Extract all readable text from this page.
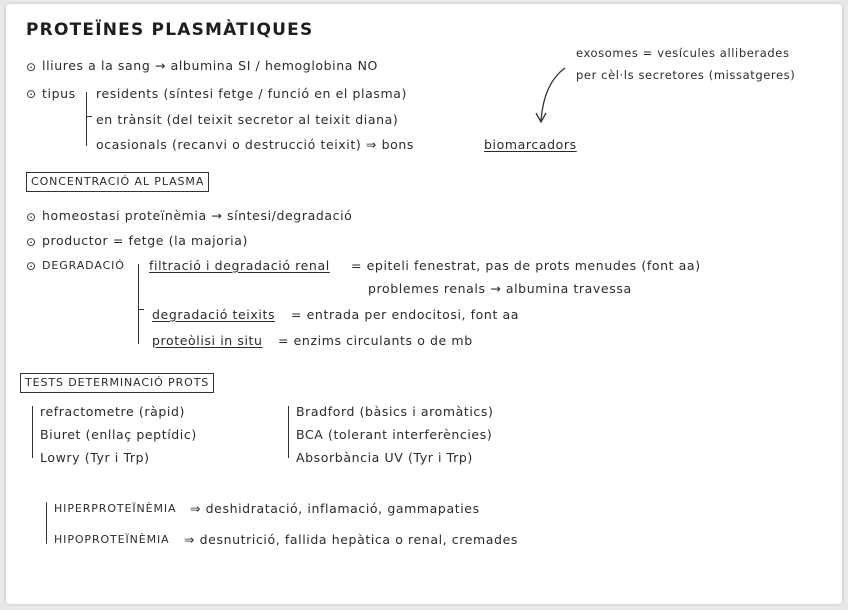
PROTEÏNES PLASMÀTIQUES
⊙ lliures a la sang → albumina SI / hemoglobina NO
⊙ tipus residents (síntesi fetge / funció en el plasma)
en trànsit (del teixit secretor al teixit diana)
ocasionals (recanvi o destrucció teixit) ⇒ bons	biomarcadors
exosomes = vesícules alliberades
per cèl·ls secretores (missatgeres)
CONCENTRACIÓ AL PLASMA
⊙ homeostasi proteïnèmia → síntesi/degradació
⊙ productor = fetge (la majoria)
⊙ DEGRADACIÓ filtració i degradació renal = epiteli fenestrat, pas de prots menudes (font aa)
problemes renals → albumina travessa
degradació teixits = entrada per endocitosi, font aa
proteòlisi in situ = enzims circulants o de mb
TESTS DETERMINACIÓ PROTS
refractometre (ràpid)
Biuret (enllaç peptídic)
Lowry (Tyr i Trp)
Bradford (bàsics i aromàtics)
BCA (tolerant interferències)
Absorbància UV (Tyr i Trp)
HIPERPROTEÏNÈMIA ⇒ deshidratació, inflamació, gammapaties
HIPOPROTEÏNÈMIA ⇒ desnutrició, fallida hepàtica o renal, cremades
